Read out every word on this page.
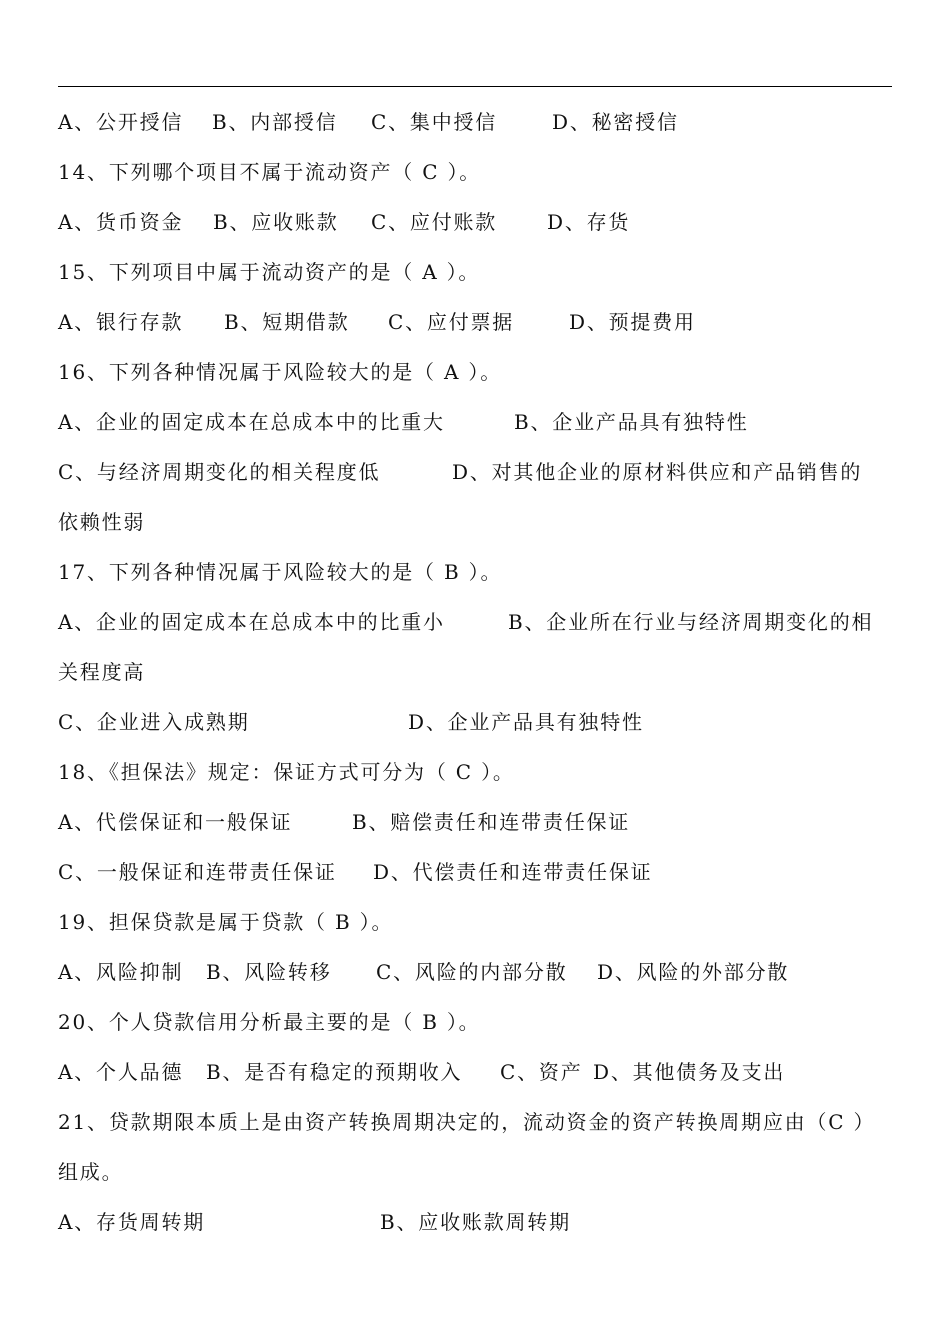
A、公开授信 B、内部授信 C、集中授信	D、秘密授信
14、下列哪个项目不属于流动资产（ C ）。
A、货币资金 B、应收账款 C、应付账款 D、存货
15、下列项目中属于流动资产的是（ A ）。
A、银行存款 B、短期借款 C、应付票据	D、预提费用
16、下列各种情况属于风险较大的是（ A ）。
A、企业的固定成本在总成本中的比重大	B、企业产品具有独特性
C、与经济周期变化的相关程度低	D、对其他企业的原材料供应和产品销售的
依赖性弱
17、下列各种情况属于风险较大的是（ B ）。
A、企业的固定成本在总成本中的比重小	B、企业所在行业与经济周期变化的相
关程度高
C、企业进入成熟期	D、企业产品具有独特性
18、《担保法》规定：保证方式可分为（ C ）。
A、代偿保证和一般保证	B、赔偿责任和连带责任保证
C、一般保证和连带责任保证 D、代偿责任和连带责任保证
19、担保贷款是属于贷款（ B ）。
A、风险抑制 B、风险转移 C、风险的内部分散 D、风险的外部分散
20、个人贷款信用分析最主要的是（ B ）。
A、个人品德 B、是否有稳定的预期收入 C、资产 D、其他债务及支出
21、贷款期限本质上是由资产转换周期决定的，流动资金的资产转换周期应由（C ）
组成。
A、存货周转期	B、应收账款周转期
